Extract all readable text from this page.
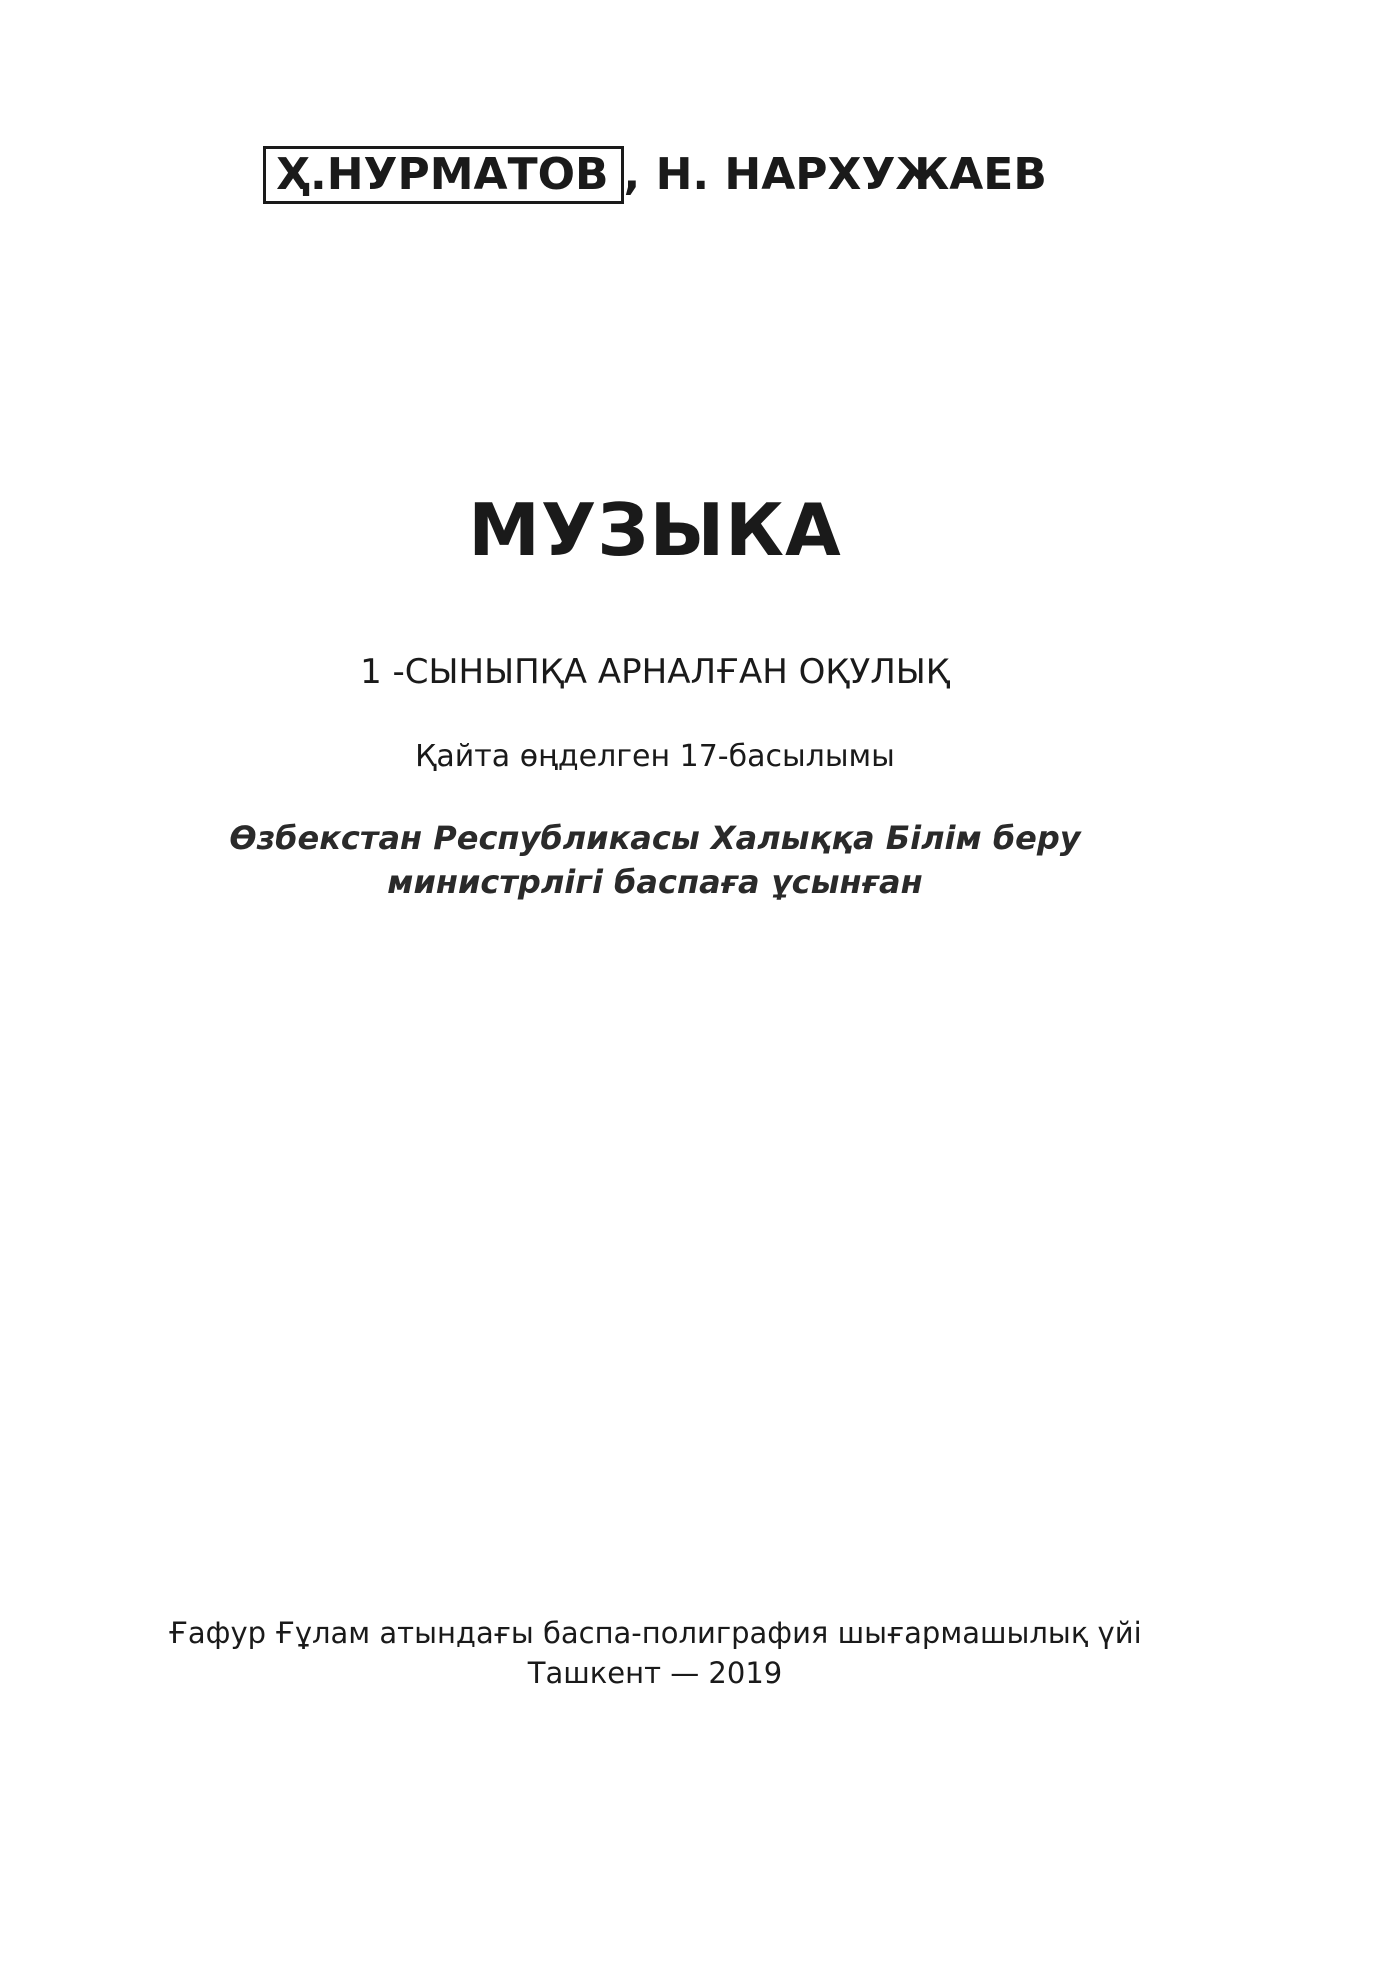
Ҳ.НУРМАТОВ , Н. НАРХУЖАЕВ
МУЗЫКА
1 -СЫНЫПҚА АРНАЛҒАН ОҚУЛЫҚ
Қайта өңделген 17-басылымы
Өзбекстан Республикасы Халыққа Білім беру
министрлігі баспаға ұсынған
Ғафур Ғұлам атындағы баспа-полиграфия шығармашылық үйі
Ташкент — 2019
